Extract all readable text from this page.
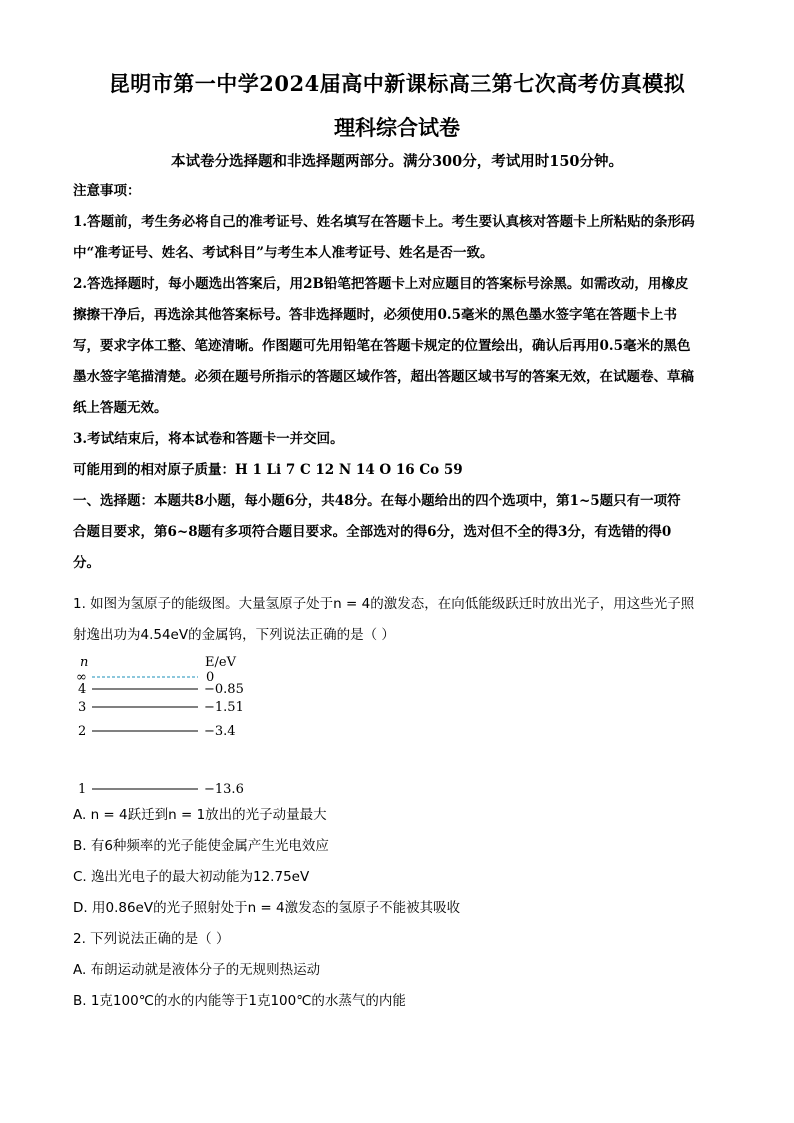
昆明市第一中学2024届高中新课标高三第七次高考仿真模拟
理科综合试卷
本试卷分选择题和非选择题两部分。满分300分，考试用时150分钟。
注意事项：
1.答题前，考生务必将自己的准考证号、姓名填写在答题卡上。考生要认真核对答题卡上所粘贴的条形码
中“准考证号、姓名、考试科目”与考生本人准考证号、姓名是否一致。
2.答选择题时，每小题选出答案后，用2B铅笔把答题卡上对应题目的答案标号涂黑。如需改动，用橡皮
擦擦干净后，再选涂其他答案标号。答非选择题时，必须使用0.5毫米的黑色墨水签字笔在答题卡上书
写，要求字体工整、笔迹清晰。作图题可先用铅笔在答题卡规定的位置绘出，确认后再用0.5毫米的黑色
墨水签字笔描清楚。必须在题号所指示的答题区域作答，超出答题区域书写的答案无效，在试题卷、草稿
纸上答题无效。
3.考试结束后，将本试卷和答题卡一并交回。
可能用到的相对原子质量：H 1 Li 7 C 12 N 14 O 16 Co 59
一、选择题：本题共8小题，每小题6分，共48分。在每小题给出的四个选项中，第1~5题只有一项符
合题目要求，第6~8题有多项符合题目要求。全部选对的得6分，选对但不全的得3分，有选错的得0
分。
1. 如图为氢原子的能级图。大量氢原子处于n = 4的激发态，在向低能级跃迁时放出光子，用这些光子照
射逸出功为4.54eV的金属钨，下列说法正确的是（ ）
n	E/eV
∞	0
4	−0.85
3	−1.51
2	−3.4
1	−13.6
A. n = 4跃迁到n = 1放出的光子动量最大
B. 有6种频率的光子能使金属产生光电效应
C. 逸出光电子的最大初动能为12.75eV
D. 用0.86eV的光子照射处于n = 4激发态的氢原子不能被其吸收
2. 下列说法正确的是（ ）
A. 布朗运动就是液体分子的无规则热运动
B. 1克100℃的水的内能等于1克100℃的水蒸气的内能
